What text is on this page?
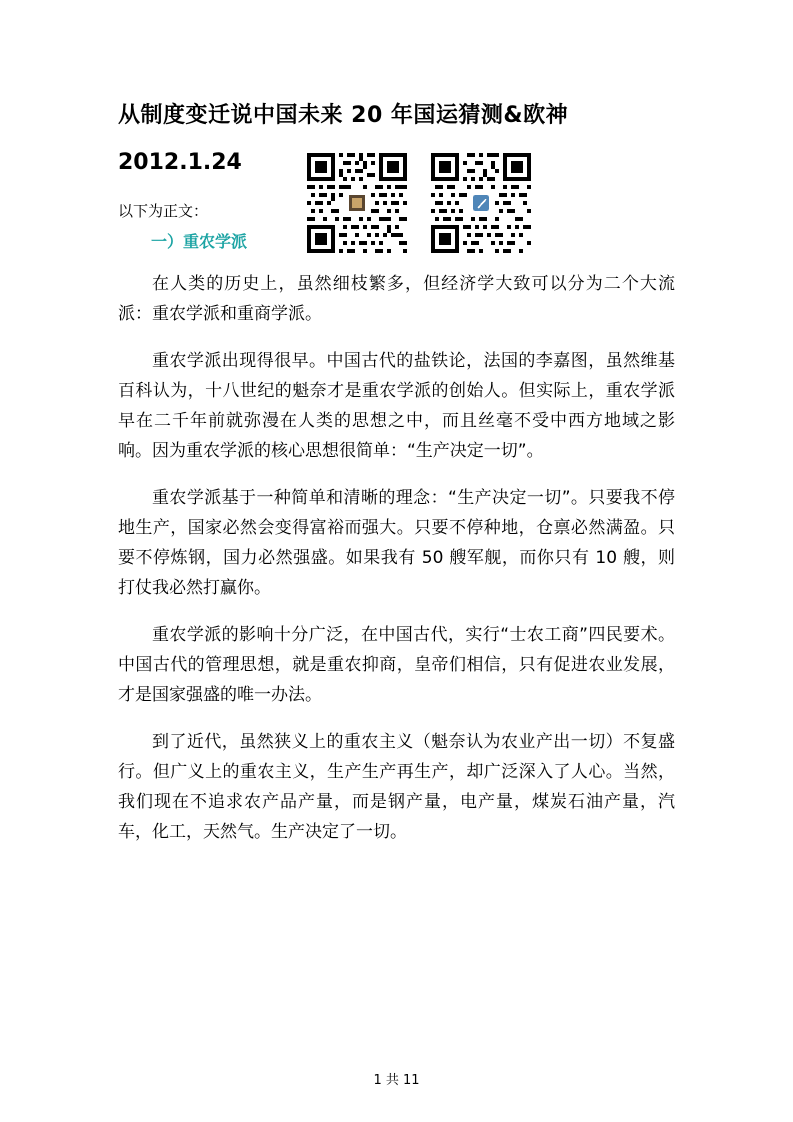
从制度变迁说中国未来 20 年国运猜测&欧神
2012.1.24
以下为正文：
一）重农学派

在人类的历史上，虽然细枝繁多，但经济学大致可以分为二个大流派：重农学派和重商学派。

重农学派出现得很早。中国古代的盐铁论，法国的李嘉图，虽然维基百科认为，十八世纪的魁奈才是重农学派的创始人。但实际上，重农学派早在二千年前就弥漫在人类的思想之中，而且丝毫不受中西方地域之影响。因为重农学派的核心思想很简单：“生产决定一切”。

重农学派基于一种简单和清晰的理念：“生产决定一切”。只要我不停地生产，国家必然会变得富裕而强大。只要不停种地，仓禀必然满盈。只要不停炼钢，国力必然强盛。如果我有 50 艘军舰，而你只有 10 艘，则打仗我必然打赢你。

重农学派的影响十分广泛，在中国古代，实行“士农工商”四民要术。中国古代的管理思想，就是重农抑商，皇帝们相信，只有促进农业发展，才是国家强盛的唯一办法。

到了近代，虽然狭义上的重农主义（魁奈认为农业产出一切）不复盛行。但广义上的重农主义，生产生产再生产，却广泛深入了人心。当然，我们现在不追求农产品产量，而是钢产量，电产量，煤炭石油产量，汽车，化工，天然气。生产决定了一切。

1 共 11
